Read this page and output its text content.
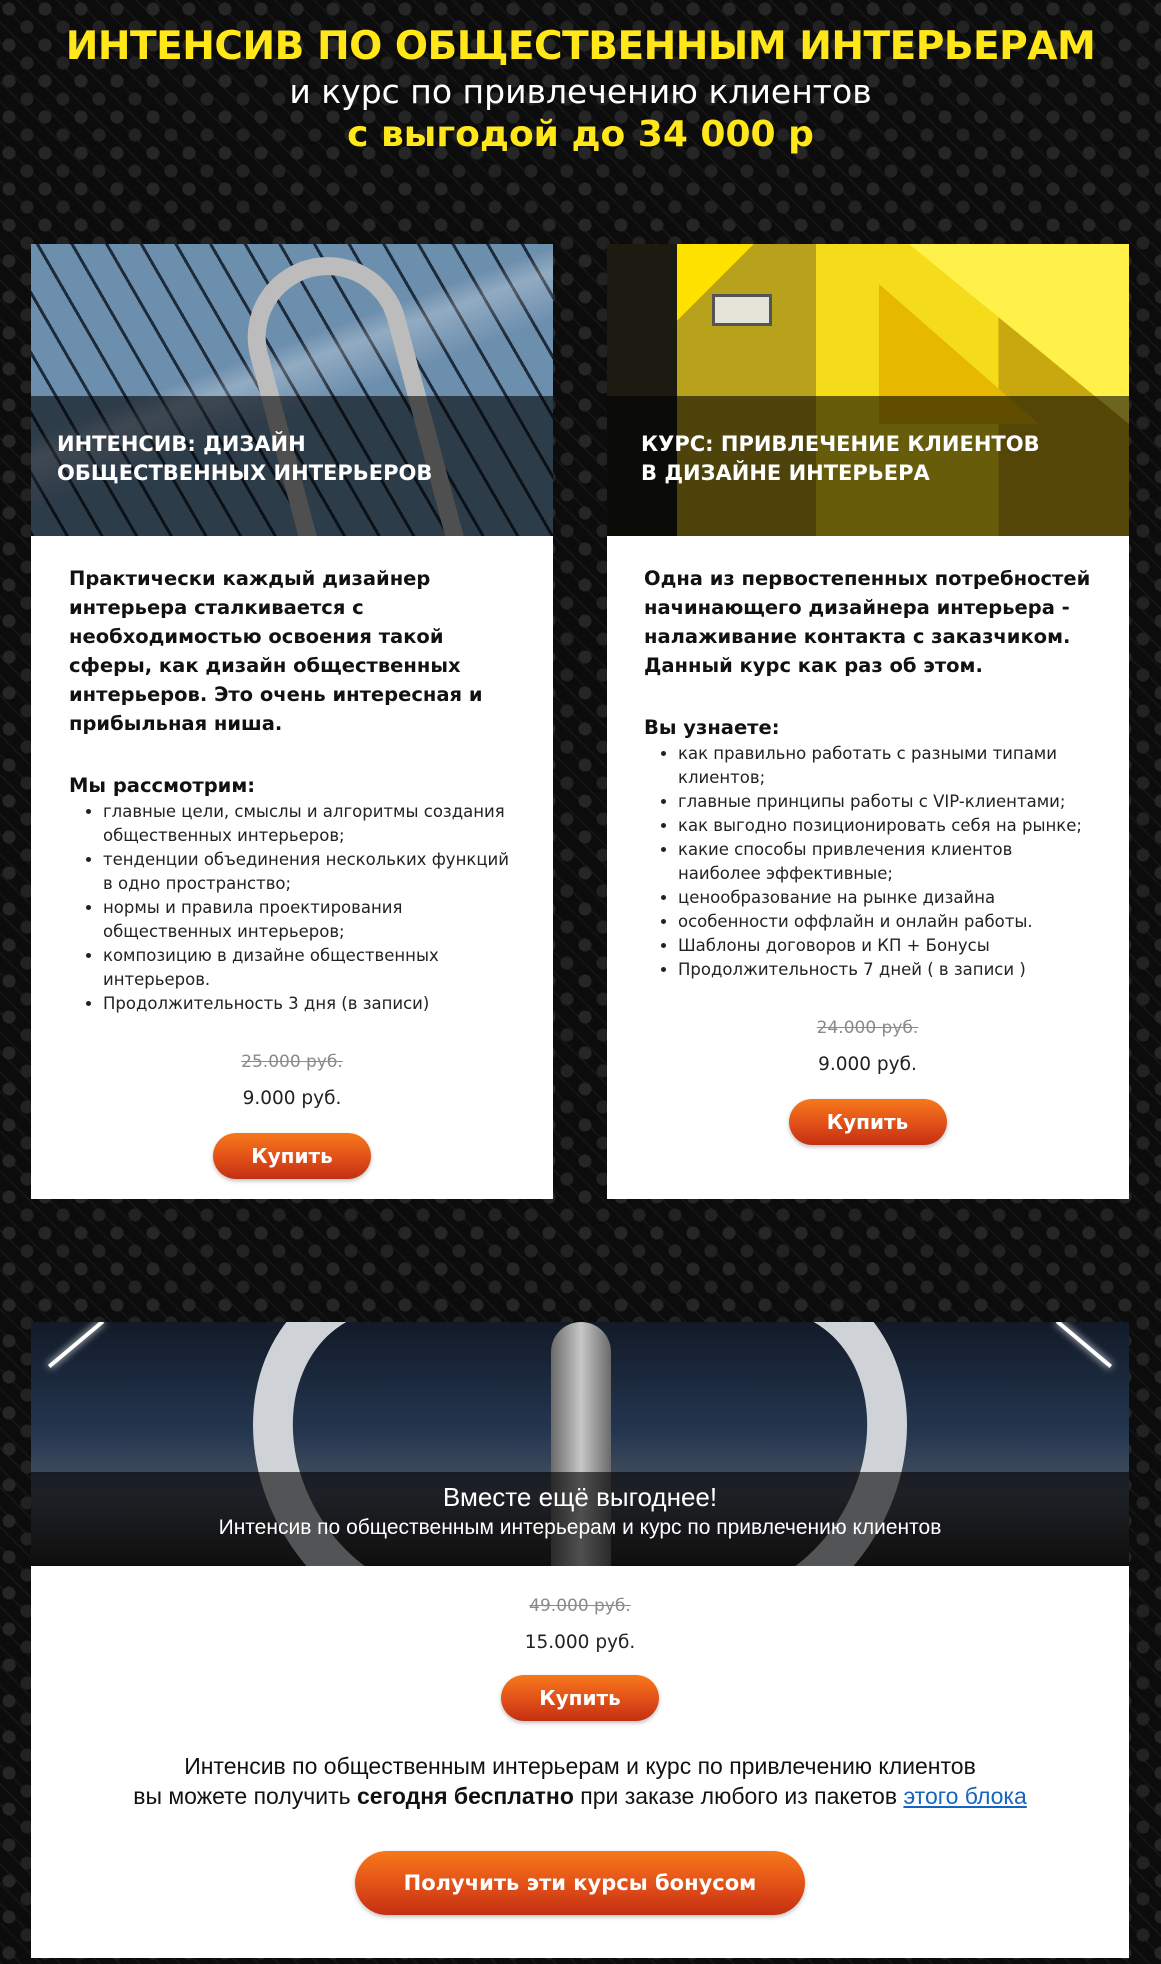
ИНТЕНСИВ ПО ОБЩЕСТВЕННЫМ ИНТЕРЬЕРАМ
и курс по привлечению клиентов
с выгодой до 34 000 р
ИНТЕНСИВ: ДИЗАЙН
ОБЩЕСТВЕННЫХ ИНТЕРЬЕРОВ

Практически каждый дизайнер интерьера сталкивается с необходимостью освоения такой сферы, как дизайн общественных интерьеров. Это очень интересная и прибыльная ниша.

Мы рассмотрим:

• главные цели, смыслы и алгоритмы создания общественных интерьеров;
• тенденции объединения нескольких функций в одно пространство;
• нормы и правила проектирования общественных интерьеров;
• композицию в дизайне общественных интерьеров.
• Продолжительность 3 дня (в записи)
25.000 руб.
9.000 руб.
Купить
КУРС: ПРИВЛЕЧЕНИЕ КЛИЕНТОВ
В ДИЗАЙНЕ ИНТЕРЬЕРА

Одна из первостепенных потребностей начинающего дизайнера интерьера - налаживание контакта с заказчиком. Данный курс как раз об этом.

Вы узнаете:

• как правильно работать с разными типами клиентов;
• главные принципы работы с VIP-клиентами;
• как выгодно позиционировать себя на рынке;
• какие способы привлечения клиентов наиболее эффективные;
• ценообразование на рынке дизайна
• особенности оффлайн и онлайн работы.
• Шаблоны договоров и КП + Бонусы
• Продолжительность 7 дней ( в записи )
24.000 руб.
9.000 руб.
Купить
Вместе ещё выгоднее!
Интенсив по общественным интерьерам и курс по привлечению клиентов
49.000 руб.
15.000 руб.
Купить
Интенсив по общественным интерьерам и курс по привлечению клиентов
вы можете получить сегодня бесплатно при заказе любого из пакетов этого блока
Получить эти курсы бонусом
